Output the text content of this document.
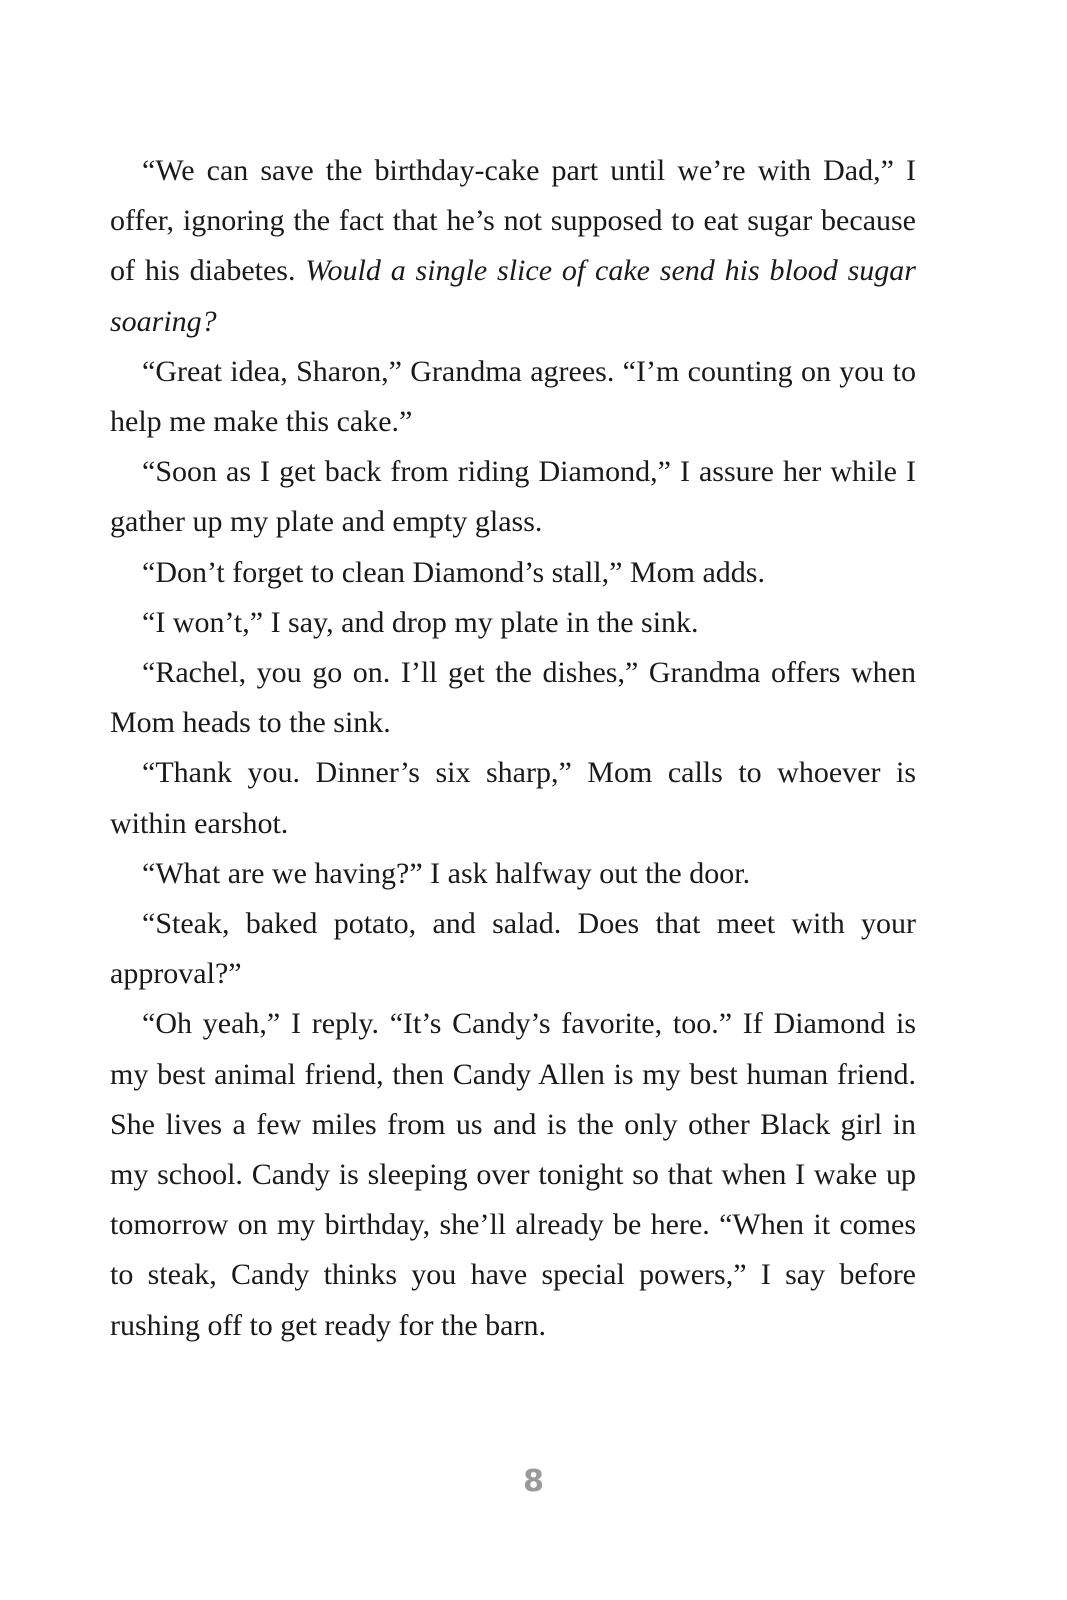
“We can save the birthday-cake part until we’re with Dad,” I offer, ignoring the fact that he’s not supposed to eat sugar because of his diabetes. Would a single slice of cake send his blood sugar soaring?

“Great idea, Sharon,” Grandma agrees. “I’m counting on you to help me make this cake.”

“Soon as I get back from riding Diamond,” I assure her while I gather up my plate and empty glass.

“Don’t forget to clean Diamond’s stall,” Mom adds.

“I won’t,” I say, and drop my plate in the sink.

“Rachel, you go on. I’ll get the dishes,” Grandma offers when Mom heads to the sink.

“Thank you. Dinner’s six sharp,” Mom calls to whoever is within earshot.

“What are we having?” I ask halfway out the door.

“Steak, baked potato, and salad. Does that meet with your approval?”

“Oh yeah,” I reply. “It’s Candy’s favorite, too.” If Diamond is my best animal friend, then Candy Allen is my best human friend. She lives a few miles from us and is the only other Black girl in my school. Candy is sleeping over tonight so that when I wake up tomorrow on my birthday, she’ll already be here. “When it comes to steak, Candy thinks you have special powers,” I say before rushing off to get ready for the barn.

8
